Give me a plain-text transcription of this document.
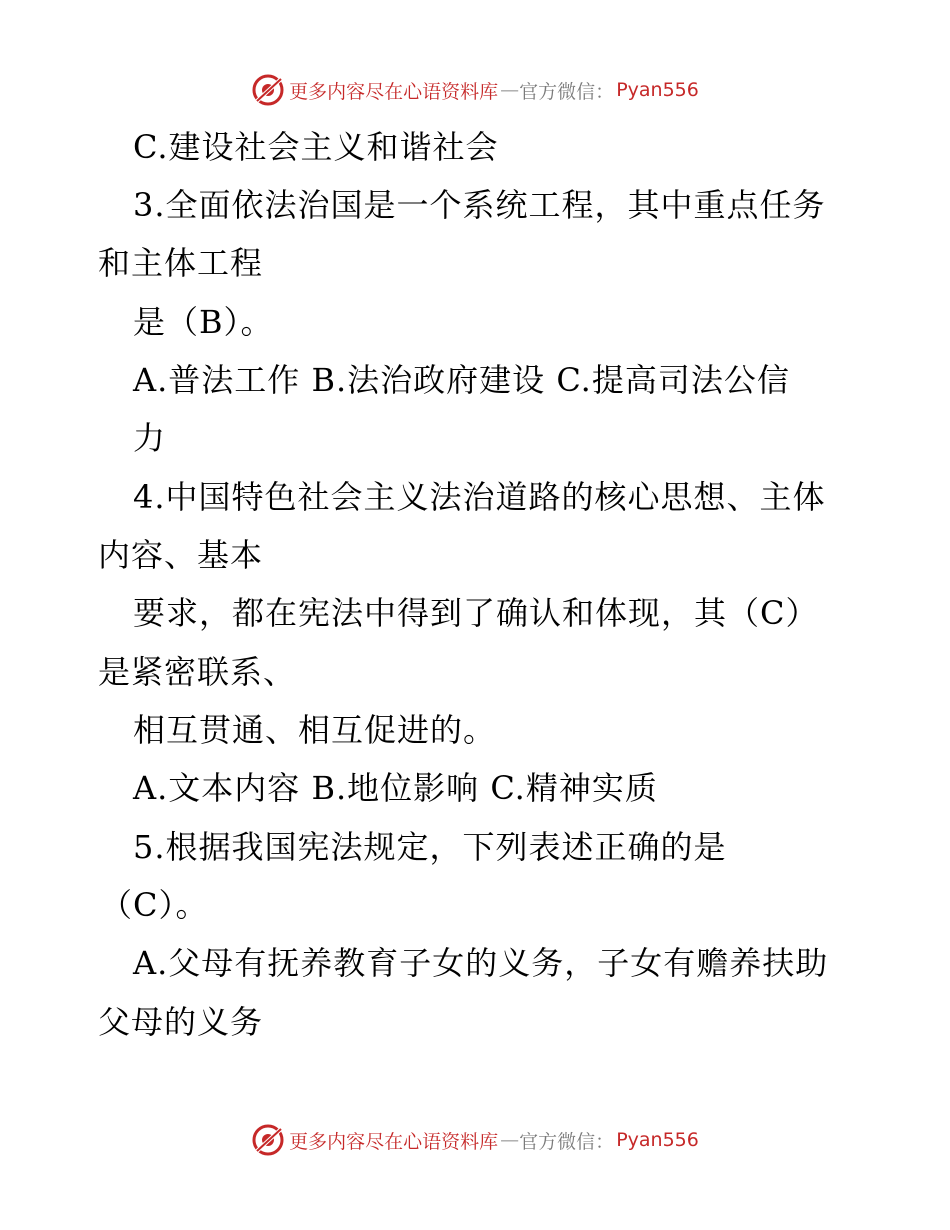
更多内容尽在心语资料库 — 官方微信： Pyan556
C.建设社会主义和谐社会
3.全面依法治国是一个系统工程，其中重点任务
和主体工程
是（B）。
A.普法工作 B.法治政府建设 C.提高司法公信
力
4.中国特色社会主义法治道路的核心思想、主体
内容、基本
要求，都在宪法中得到了确认和体现，其（C）
是紧密联系、
相互贯通、相互促进的。
A.文本内容 B.地位影响 C.精神实质
5.根据我国宪法规定，下列表述正确的是
（C）。
A.父母有抚养教育子女的义务，子女有赡养扶助
父母的义务
更多内容尽在心语资料库 — 官方微信： Pyan556
